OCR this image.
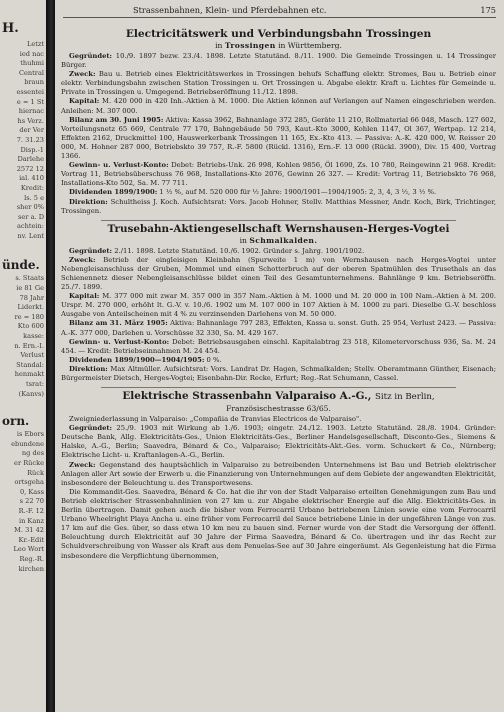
H.
Letzt
ied nac
thuhmi
Central
braun
essentei
e = 1 St
hiernac
hs Verz.
der Ver
7. 31.23
Disp.-1
Darlehe
2572 12
ial. 410
Kredit:
ls. 5 e
sher 0%
ser a. D
achtein:
nv. Lent
ünde.
s. Staats
ie 81 Ge
78 Jahr
Liderkt.
re = 180
Kto 600
kasse:
n. Ern.-I.
Verlust
Standal:
henmakt
tsrat:
(Kanvs)
orn.
is Ebors
ebundene
ng des
er Rücke
Rück
ortsgeha
0, Kass
s 22 70
R.-F. 12
in Kanz
M. 31 42
Kr.-Edit
Leo Wort
Reg.-R.
kirchen
Strassenbahnen, Klein- und Pferdebahnen etc.	175
Electricitätswerk und Verbindungsbahn Trossingen
in Trossingen in Württemberg.

Gegründet: 10./9. 1897 bezw. 23./4. 1898. Letzte Statutänd. 8./11. 1900. Die Gemeinde Trossingen u. 14 Trossinger Bürger.

Zweck: Bau u. Betrieb eines Elektricitätswerkes in Trossingen behufs Schaffung elektr. Stromes, Bau u. Betrieb einer elektr. Verbindungsbahn zwischen Station Trossingen u. Ort Trossingen u. Abgabe elektr. Kraft u. Lichtes für Gemeinde u. Private in Trossingen u. Umgegend. Betriebseröffnung 11./12. 1898.

Kapital: M. 420 000 in 420 Inh.-Aktien à M. 1000. Die Aktien können auf Verlangen auf Namen eingeschrieben werden. Anleihen: M. 307 000.

Bilanz am 30. Juni 1905: Aktiva: Kassa 3962, Bahnanlage 372 285, Geräte 11 210, Rollmaterial 66 048, Masch. 127 602, Vorteilungsnetz 65 669, Centrale 77 170, Bahngebäude 50 793, Kaut.-Kto 3000, Kohlen 1147, Ol 367, Wertpap. 12 214, Effekten 2162, Druckmittel 100, Hauswerkerbank Trossingen 11 165, Ex.-Kto 413. — Passiva: A.-K. 420 000, W. Reisser 20 000, M. Hohner 287 000, Betriebskto 39 757, R.-F. 5800 (Rückl. 1316), Ern.-F. 13 000 (Rückl. 3900), Div. 15 400, Vortrag 1366.

Gewinn- u. Verlust-Konto: Debet: Betriebs-Unk. 26 998, Kohlen 9856, Öl 1690, Zs. 10 780, Reingewinn 21 968. Kredit: Vortrag 11, Betriebsüberschuss 76 968, Installations-Kto 2076, Gewinn 26 327. — Kredit: Vortrag 11, Betriebskto 76 968, Installations-Kto 502, Sa. M. 77 711.

Dividenden 1899/1900: 1 ½ %, auf M. 520 000 für ½ Jahre: 1900/1901—1904/1905: 2, 3, 4, 3 ½, 3 ½ %.

Direktion: Schultheiss J. Koch. Aufsichtsrat: Vors. Jacob Hohner, Stellv. Matthias Messner, Andr. Koch, Birk, Trichtinger, Trossingen.

Trusebahn-Aktiengesellschaft Wernshausen-Herges-Vogtei
in Schmalkalden.

Gegründet: 2./11. 1898. Letzte Statutänd. 10./6. 1902. Gründer s. Jahrg. 1901/1902.

Zweck: Betrieb der eingleisigen Kleinbahn (Spurweite 1 m) von Wernshausen nach Herges-Vogtei unter Nebengleisanschluss der Gruben, Mommel und einen Schotterbruch auf der oberen Spatmühlen des Trusethals an das Schienennetz dieser Nebengleisanschlüsse bildet einen Teil des Gesamtunternehmens. Bahnlänge 9 km. Betriebseröffn. 25./7. 1899.

Kapital: M. 377 000 mit zwar M. 357 000 in 357 Nam.-Aktien à M. 1000 und M. 20 000 in 100 Nam.-Aktien à M. 200. Urspr. M. 270 000, erhöht lt. G.-V. v. 10./6. 1902 um M. 107 000 in 107 Aktien à M. 1000 zu pari. Dieselbe G.-V. beschloss Ausgabe von Anteilscheinen mit 4 % zu verzinsenden Darlehens von M. 50 000.

Bilanz am 31. März 1905: Aktiva: Bahnanlage 797 283, Effekten, Kassa u. sonst. Guth. 25 954, Verlust 2423. — Passiva: A.-K. 377 000, Darlehen u. Vorschüsse 32 330, Sa. M. 429 167.

Gewinn- u. Verlust-Konto: Debet: Betriebsausgaben einschl. Kapitalabtrag 23 518, Kilometervorschuss 936, Sa. M. 24 454. — Kredit: Betriebseinnahmen M. 24 454.

Dividenden 1899/1900—1904/1905: 0 %.

Direktion: Max Altmüller. Aufsichtsrat: Vors. Landrat Dr. Hagen, Schmalkalden; Stellv. Oberamtmann Günther, Eisenach; Bürgermeister Dietsch, Herges-Vogtei; Eisenbahn-Dir. Recke, Erfurt; Reg.-Rat Schumann, Cassel.

Elektrische Strassenbahn Valparaiso A.-G., Sitz in Berlin,
Französischestrasse 63/65.

Zweigniederlassung in Valparaiso: „Compañia de Tranvias Electricos de Valparaiso".

Gegründet: 25./9. 1903 mit Wirkung ab 1./6. 1903; eingetr. 24./12. 1903. Letzte Statutänd. 28./8. 1904. Gründer: Deutsche Bank, Allg. Elektricitäts-Ges., Union Elektricitäts-Ges., Berliner Handelsgesellschaft, Disconto-Ges., Siemens & Halske, A.-G., Berlin; Saavedra, Bénard & Co., Valparaiso; Elektricitäts-Akt.-Ges. vorm. Schuckert & Co., Nürnberg; Elektrische Licht- u. Kraftanlagen-A.-G., Berlin.

Zweck: Gegenstand des hauptsächlich in Valparaiso zu betreibenden Unternehmens ist Bau und Betrieb elektrischer Anlagen aller Art sowie der Erwerb u. die Finanzierung von Unternehmungen auf dem Gebiete der angewandten Elektricität, insbesondere der Beleuchtung u. des Transportwesens.

Die Kommandit-Ges. Saavedra, Bénard & Co. hat die ihr von der Stadt Valparaiso erteilten Genehmigungen zum Bau und Betrieb elektrischer Strassenbahnlinien von 27 km u. zur Abgabe elektrischer Energie auf die Allg. Elektricitäts-Ges. in Berlin übertragen. Damit gehen auch die bisher vom Ferrocarril Urbano betriebenen Linien sowie eine vom Ferrocarril Urbano Wheelright Playa Ancha u. eine früher vom Ferrocarril del Sauce betriebene Linie in der ungefähren Länge von zus. 17 km auf die Ges. über, so dass etwa 10 km neu zu bauen sind. Ferner wurde von der Stadt die Versorgung der öffentl. Beleuchtung durch Elektricität auf 30 Jahre der Firma Saavedra, Bénard & Co. übertragen und ihr das Recht zur Schuldverschreibung von Wasser als Kraft aus dem Penuelas-See auf 30 Jahre eingeräumt. Als Gegenleistung hat die Firma insbesondere die Verpflichtung übernommen,
